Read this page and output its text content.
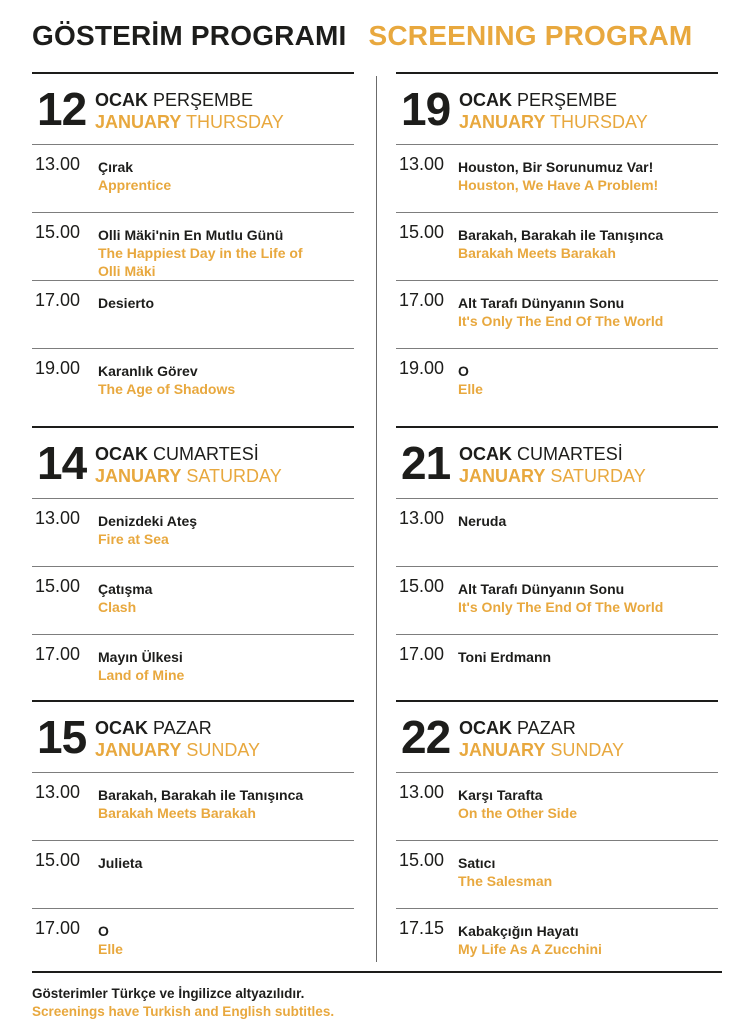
GÖSTERİM PROGRAMI SCREENING PROGRAM
12 OCAK PERŞEMBE
JANUARY THURSDAY
13.00 Çırak
Apprentice
15.00 Olli Mäki'nin En Mutlu Günü
The Happiest Day in the Life of
Olli Mäki
17.00 Desierto
19.00 Karanlık Görev
The Age of Shadows
14 OCAK CUMARTESİ
JANUARY SATURDAY
13.00 Denizdeki Ateş
Fire at Sea
15.00 Çatışma
Clash
17.00 Mayın Ülkesi
Land of Mine
15 OCAK PAZAR
JANUARY SUNDAY
13.00 Barakah, Barakah ile Tanışınca
Barakah Meets Barakah
15.00 Julieta
17.00 O
Elle
19 OCAK PERŞEMBE
JANUARY THURSDAY
13.00 Houston, Bir Sorunumuz Var!
Houston, We Have A Problem!
15.00 Barakah, Barakah ile Tanışınca
Barakah Meets Barakah
17.00 Alt Tarafı Dünyanın Sonu
It's Only The End Of The World
19.00 O
Elle
21 OCAK CUMARTESİ
JANUARY SATURDAY
13.00 Neruda
15.00 Alt Tarafı Dünyanın Sonu
It's Only The End Of The World
17.00 Toni Erdmann
22 OCAK PAZAR
JANUARY SUNDAY
13.00 Karşı Tarafta
On the Other Side
15.00 Satıcı
The Salesman
17.15 Kabakçığın Hayatı
My Life As A Zucchini
Gösterimler Türkçe ve İngilizce altyazılıdır.
Screenings have Turkish and English subtitles.
